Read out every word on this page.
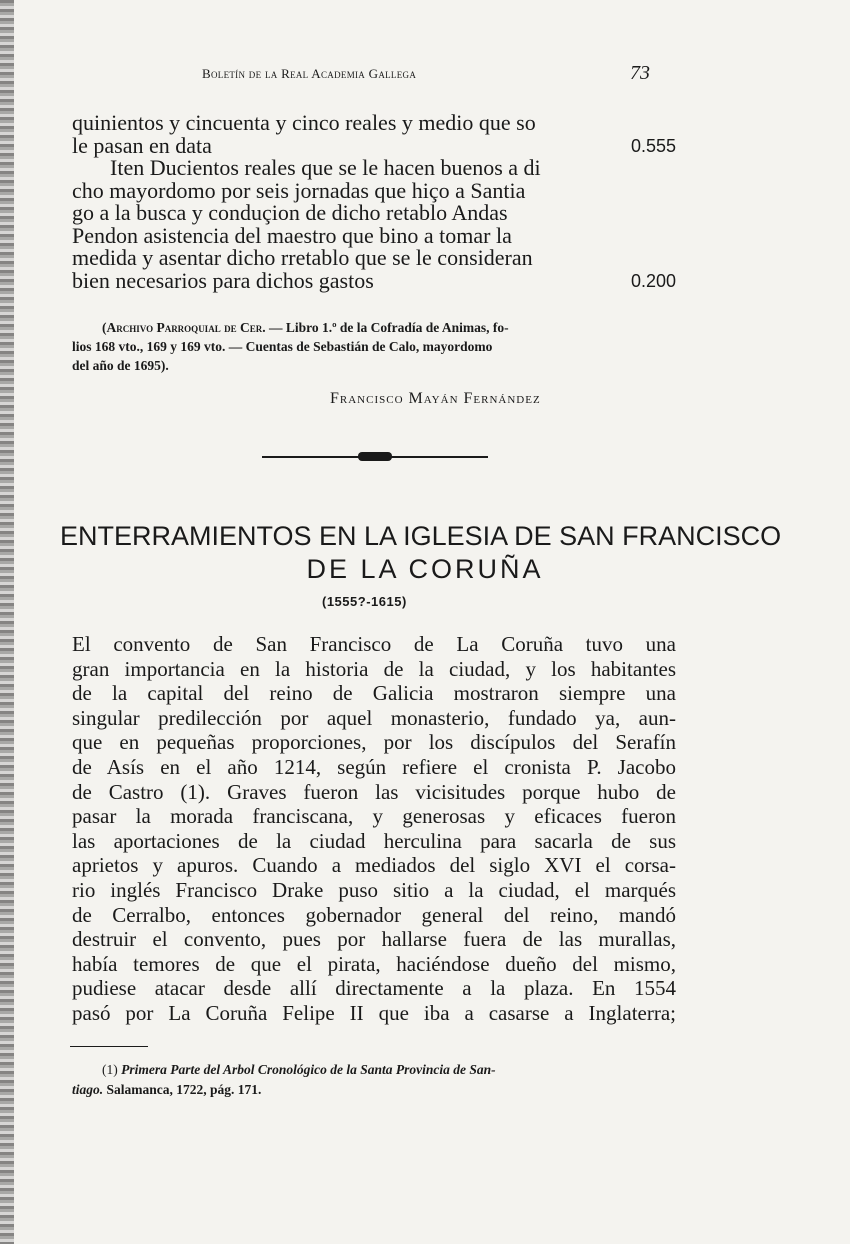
Boletín de la Real Academia Gallega	73
quinientos y cincuenta y cinco reales y medio que so
le pasan en data	0.555
Iten Ducientos reales que se le hacen buenos a di
cho mayordomo por seis jornadas que hiço a Santia
go a la busca y conduçion de dicho retablo Andas
Pendon asistencia del maestro que bino a tomar la
medida y asentar dicho rretablo que se le consideran
bien necesarios para dichos gastos	0.200
(Archivo Parroquial de Cer. — Libro 1.º de la Cofradía de Animas, fo-
lios 168 vto., 169 y 169 vto. — Cuentas de Sebastián de Calo, mayordomo
del año de 1695).
Francisco Mayán Fernández
ENTERRAMIENTOS EN LA IGLESIA DE SAN FRANCISCO
DE LA CORUÑA
(1555?-1615)
El convento de San Francisco de La Coruña tuvo una
gran importancia en la historia de la ciudad, y los habitantes
de la capital del reino de Galicia mostraron siempre una
singular predilección por aquel monasterio, fundado ya, aun-
que en pequeñas proporciones, por los discípulos del Serafín
de Asís en el año 1214, según refiere el cronista P. Jacobo
de Castro (1). Graves fueron las vicisitudes porque hubo de
pasar la morada franciscana, y generosas y eficaces fueron
las aportaciones de la ciudad herculina para sacarla de sus
aprietos y apuros. Cuando a mediados del siglo XVI el corsa-
rio inglés Francisco Drake puso sitio a la ciudad, el marqués
de Cerralbo, entonces gobernador general del reino, mandó
destruir el convento, pues por hallarse fuera de las murallas,
había temores de que el pirata, haciéndose dueño del mismo,
pudiese atacar desde allí directamente a la plaza. En 1554
pasó por La Coruña Felipe II que iba a casarse a Inglaterra;
(1) Primera Parte del Arbol Cronológico de la Santa Provincia de San-
tiago. Salamanca, 1722, pág. 171.
